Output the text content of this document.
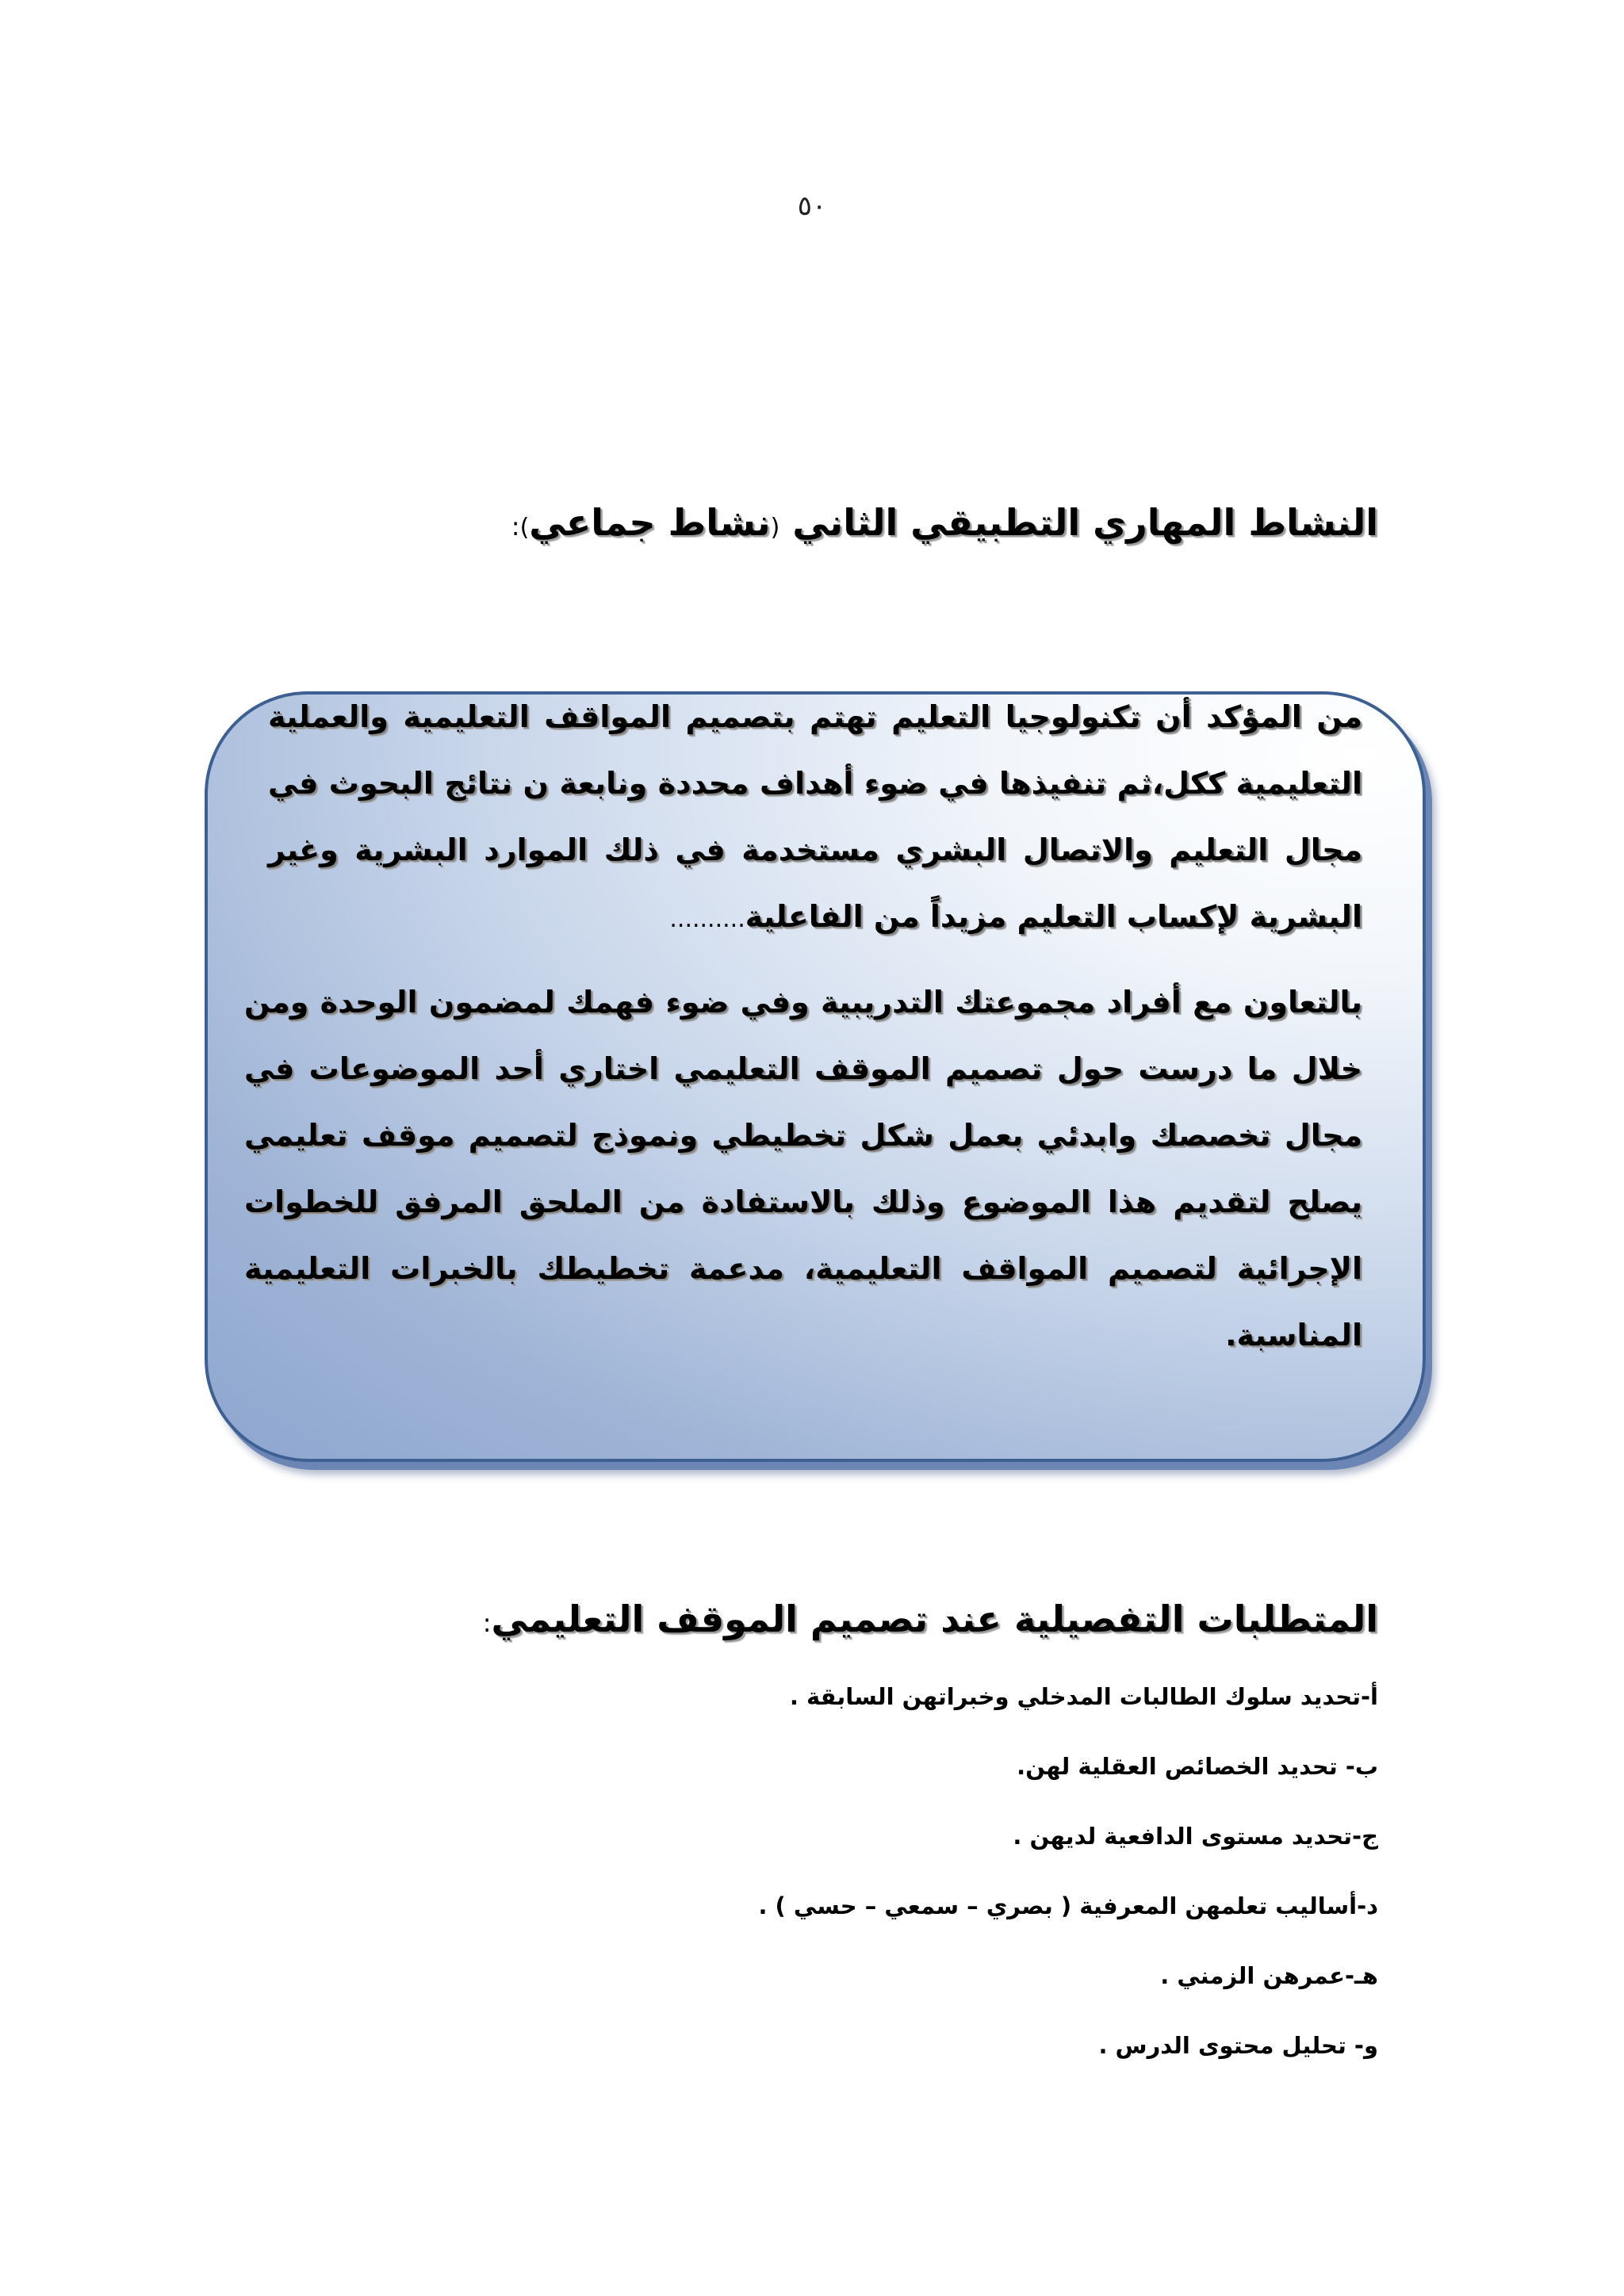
٥٠
النشاط المهاري التطبيقي الثاني (نشاط جماعي):
من المؤكد أن تكنولوجيا التعليم تهتم بتصميم المواقف التعليمية والعملية التعليمية ككل،ثم تنفيذها في ضوء أهداف محددة ونابعة ن نتائج البحوث في مجال التعليم والاتصال البشري مستخدمة في ذلك الموارد البشرية وغير البشرية لإكساب التعليم مزيداً من الفاعلية..........
بالتعاون مع أفراد مجموعتك التدريبية وفي ضوء فهمك لمضمون الوحدة ومن خلال ما درست حول تصميم الموقف التعليمي اختاري أحد الموضوعات في مجال تخصصك وابدئي بعمل شكل تخطيطي ونموذج لتصميم موقف تعليمي يصلح لتقديم هذا الموضوع وذلك بالاستفادة من الملحق المرفق للخطوات الإجرائية لتصميم المواقف التعليمية، مدعمة تخطيطك بالخبرات التعليمية المناسبة.
المتطلبات التفصيلية عند تصميم الموقف التعليمي:
أ-تحديد سلوك الطالبات المدخلي وخبراتهن السابقة .
ب- تحديد الخصائص العقلية لهن.
ج-تحديد مستوى الدافعية لديهن .
د-أساليب تعلمهن المعرفية ( بصري – سمعي – حسي ) .
هـ-عمرهن الزمني .
و- تحليل محتوى الدرس .
